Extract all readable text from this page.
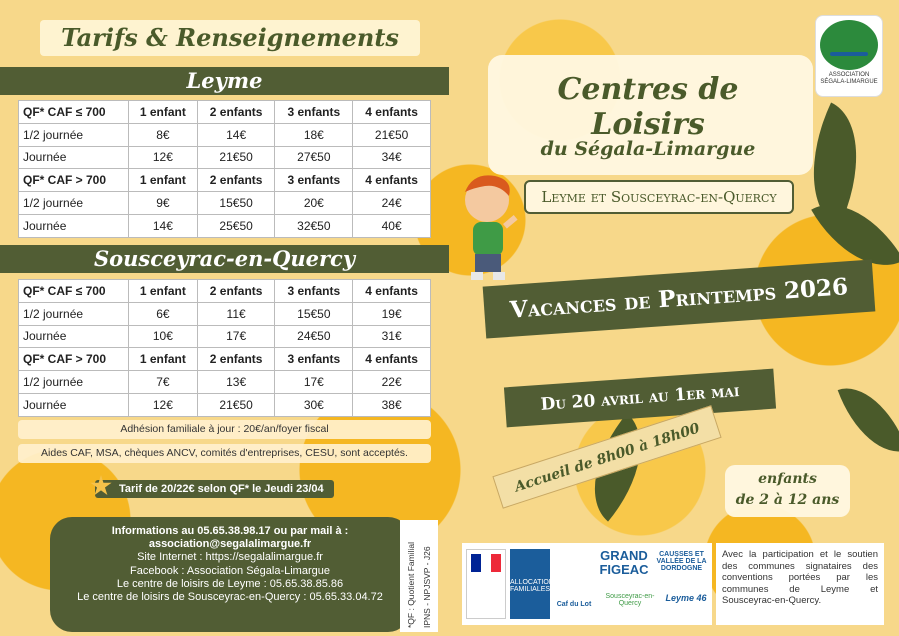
Tarifs & Renseignements
Leyme
QF* CAF ≤ 700	1 enfant	2 enfants	3 enfants	4 enfants
1/2 journée	8€	14€	18€	21€50
Journée	12€	21€50	27€50	34€
QF* CAF > 700	1 enfant	2 enfants	3 enfants	4 enfants
1/2 journée	9€	15€50	20€	24€
Journée	14€	25€50	32€50	40€
Sousceyrac-en-Quercy
QF* CAF ≤ 700	1 enfant	2 enfants	3 enfants	4 enfants
1/2 journée	6€	11€	15€50	19€
Journée	10€	17€	24€50	31€
QF* CAF > 700	1 enfant	2 enfants	3 enfants	4 enfants
1/2 journée	7€	13€	17€	22€
Journée	12€	21€50	30€	38€
Adhésion familiale à jour : 20€/an/foyer fiscal
Aides CAF, MSA, chèques ANCV, comités d'entreprises, CESU, sont acceptés.
Tarif de 20/22€ selon QF* le Jeudi 23/04
Informations au 05.65.38.98.17 ou par mail à :
association@segalalimargue.fr
Site Internet : https://segalalimargue.fr
Facebook : Association Ségala-Limargue
Le centre de loisirs de Leyme : 05.65.38.85.86
Le centre de loisirs de Sousceyrac-en-Quercy : 05.65.33.04.72	*QF : Quotient Familial IPNS - NPJSVP - J26
ASSOCIATION SÉGALA-LIMARGUE
Centres de Loisirs
du Ségala-Limargue
Leyme et Sousceyrac-en-Quercy
Vacances de Printemps 2026
Du 20 avril au 1er mai
Accueil de 8h00 à 18h00	enfants
de 2 à 12 ans
ALLOCATIONS FAMILIALES
Caf du Lot
GRAND FIGEAC
CAUSSES ET VALLÉE DE LA DORDOGNE
Sousceyrac-en-Quercy
Leyme 46
Avec la participation et le soutien des communes signataires des conventions portées par les communes de Leyme et Sousceyrac-en-Quercy.
